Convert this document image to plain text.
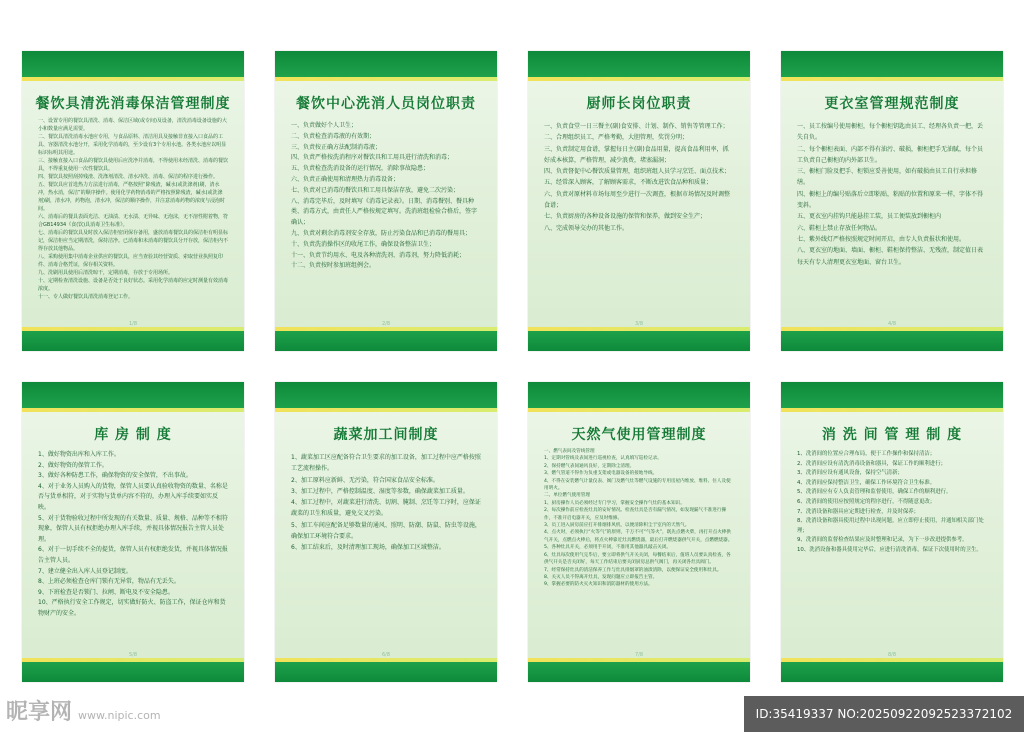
餐饮具清洗消毒保洁管理制度

一、设置专用的餐饮具清洗、消毒、保洁区域(或专间)及设备，清洗消毒设备设施的大小和数量应满足需要。

二、餐饮具清洗消毒水池应专用，与食品原料、清洁用具及接触非直接入口食品的工具、容器清洗水池分开，采用化学消毒的，至少设有3个专用水池。各类水池应以明显标识标明其用途。

三、接触直接入口食品的餐饮具使用后应洗净并消毒，不得使用未经清洗、消毒的餐饮具，不得重复使用一次性餐饮具。

四、餐饮具按照刮掉残渣、洗涤剂清洗、清水冲洗、消毒、保洁的程序进行操作。

五、餐饮具应首选热力方法进行消毒，严格按照“除残渣，碱水(或洗涤剂)刷，清水冲，热水消，保洁”的顺序操作。使用化学药物消毒的严格按照除残渣，碱水(或洗涤剂)刷，清水冲，药物泡，清水冲，保洁的顺序操作，并注意消毒药物的浓度与浸泡时间。

六、消毒后的餐具表面光洁、无油渍、无水渍、无异味、无泡沫，无不溶性附着物，符合GB14934《食(饮)具消毒卫生标准》。

七、消毒后的餐饮具及时放入保洁柜密闭保存备用，盛放消毒餐饮具的保洁柜有明显标记，保洁柜应当定期清洗，保持洁净。已消毒和未消毒的餐饮具分开存放，保洁柜内不得存放其他物品。

八、采购使用集中消毒企业供应的餐饮具，应当查验其经营资质、索取营业执照复印件、消毒合格凭证，保存相关资料。

九、洗刷用具使用后清洗晾干，定期消毒，存放于专用场所。

十、定期检查清洗设施、设备是否处于良好状态。采用化学消毒的应定时测量有效消毒浓度。

十一、专人做好餐饮具清洗消毒登记工作。

1/8
餐饮中心洗消人员岗位职责

一、负责做好个人卫生；

二、负责检查消毒液的有效期；

三、负责按正确方法配制消毒液；

四、负责严格按洗消程序对餐饮具和工用具进行清洗和消毒；

五、负责检查洗消设备的运行情况，消除事故隐患；

六、负责正确使用和清理热力消毒设备；

七、负责对已消毒的餐饮具和工用具保洁存放，避免二次污染；

八、消毒完毕后，及时填写《消毒记录表》。日期、消毒餐别、餐具种类、消毒方式，由责任人严格按规定填写。洗消班组检验合格后，签字确认；

九、负责对剩余消毒剂安全存放，防止污染食品和已消毒的餐用具；

十、负责洗消操作区的收尾工作，确保设备整洁卫生；

十一、负责节约用水、电及各种清洗剂、消毒剂，努力降低消耗；

十二、负责按时参加班组例会。

2/8
厨师长岗位职责

一、负责食堂一日三餐主(副)食安排、计划、制作、销售等管理工作；

二、合理组织员工，严格考勤，大胆管理，奖罚分明；

三、负责制定用食谱，掌握每日主(副)食品用量，提高食品利用率，抓好成本核算，严格管理，减少浪费，堵塞漏洞；

四、负责督促中心餐饮质量管理，组织班组人员学习烹饪、面点技术；

五、经常深入顾客，了解顾客需求，不断改进饮食品种和质量；

六、负责对原材料市场每周至少进行一次调查，根据市场情况及时调整食谱；

七、负责厨房的各种设备设施的保管和保养，做到安全生产；

八、完成领导交办的其他工作。

3/8
更衣室管理规范制度

一、员工按编号使用橱柜，每个橱柜钥匙由员工、经理各负责一把，丢失自负。

二、每个橱柜表面、内部不得有油污、破损，橱柜把手无油腻，每个员工负责自己橱柜的内外部卫生。

三、橱柜门脸及把手、柜锁应妥善使用，如有破损由员工自行承担修缮。

四、橱柜上的编号贴落后立即粘贴，粘贴的位置和原来一样，字体不得变斜。

五、更衣室内挂钩只能悬挂工装，员工便装放到橱柜内

六、鞋柜上禁止存放任何物品。

七、紫外线灯严格按照规定时间开启，由专人负责报状和使用。

八、更衣室的地面、墙面、橱柜、鞋柜保持整洁、无残渣，制定值日表每天有专人清理更衣室地面、窗台卫生。

4/8
库 房 制 度

1、做好物资出库和入库工作。

2、做好物资的保管工作。

3、做好各种防患工作，确保物资的安全保管，不出事故。

4、对于业务人员购入的货物，保管人员要认真验收物资的数量、名称是否与货单相符，对于实物与货单内容不符的，办理入库手续要如实反映。

5、对于货物验收过程中所发现的有关数量、质量、规格、品种等不相符现象，保管人员有权拒绝办理入库手续，并视具体情况报告主管人员处理。

6、对于一切手续不全的提货，保管人员有权拒绝发货，并视具体情况报告主管人员。

7、建立健全出入库人员登记制度。

8、上班必须检查仓库门锁有无异常，物品有无丢失。

9、下班检查是否锁门、拉闸、断电及不安全隐患。

10、严格执行安全工作规定，切实做好防火、防盗工作，保证仓库和货物财产的安全。

5/8
蔬菜加工间制度

1、蔬菜加工区应配备符合卫生要求的加工设备，加工过程中应严格按照工艺流程操作。

2、加工原料应新鲜、无污染，符合国家食品安全标准。

3、加工过程中，严格控制温度、湿度等参数，确保蔬菜加工质量。

4、加工过程中，对蔬菜进行清洗、切割、腌制、烹饪等工序时，应保证蔬菜的卫生和质量，避免交叉污染。

5、加工车间应配备足够数量的通风、照明、防潮、防鼠、防虫等设施，确保加工环境符合要求。

6、加工结束后，及时清理加工现场，确保加工区域整洁。

6/8
天然气使用管理制度

一、燃气表间及管线管理

1、定期对管线及表间进行巡视检查，认真填写巡检记录。

2、保持燃气表间通风良好，定期除尘清理。

3、燃气管道不得作为负重支架或电器设备的接地导线。

4、不得在安装燃气计量仪表、阀门及燃气灶等燃气设施的专用房屋内堆放、堆料、住人及使用明火。

二、单位燃气使用管理

1、厨房操作人员必须经过专门学习，掌握安全操作气灶的基本知识。

2、每次操作前应检查灶具的安好情况。检查灶具是否有漏气情况，如发现漏气不准进行操作，不准开启电器开关，应及时维修。

3、员工进入厨房前应打开排烟排风机，以便清除积尘于室内的天然气。

4、点火时，必须执行“火等气”的原则，千万不可“气等火”，既先点燃火柴，再打开点火棒供气开关，点燃点火棒后，将点火棒靠近灶具燃烧器，最后打开燃烧器供气开关，点燃燃烧器。

5、各种灶具开关，必须用手开闭，不准用其他器具敲击关闭。

6、灶具每次使用气完毕后，要立即将供气开关关闭，每餐结束后，值班人员要认真检查，各供气开关是否关闭好，每天工作结束后要关闭厨房总供气阀门，再关闭各灶具阀门。

7、经常保持灶具的清洁保养工作与灶具排烟罩的油渍清除，以便保证安全使用和灶具。

8、关灭人员不得离开灶具，发现问题应立即报告主管。

9、掌握必要的防火灭火知识和消防器材的使用方法。

7/8
消 洗 间 管 理 制 度

1、洗消间的位置应合理布局，便于工作操作和保持清洁；

2、洗消间应设有清洗消毒设备和器具，保证工作的顺利进行；

3、洗消间应设有通风设备，保持空气清新；

4、洗消间应保持整洁卫生，确保工作环境符合卫生标准。

5、洗消间应有专人负责管理和监督使用，确保工作的顺利进行。

6、洗消间的使用应按照规定的程序进行，不得随意更改；

7、洗消设备和器具应定期进行检查，并及时保养；

8、洗消设备和器具使用过程中出现问题，应立即停止使用，并通知相关部门处理；

9、洗消间的监督检查结果应及时整理和记录，为下一步改进提供参考。

10、洗消设备和器具使用完毕后，应进行清洗消毒，保证下次使用时的卫生。

8/8
昵享网 www.nipic.com	ID:35419337 NO:20250922092523372102
